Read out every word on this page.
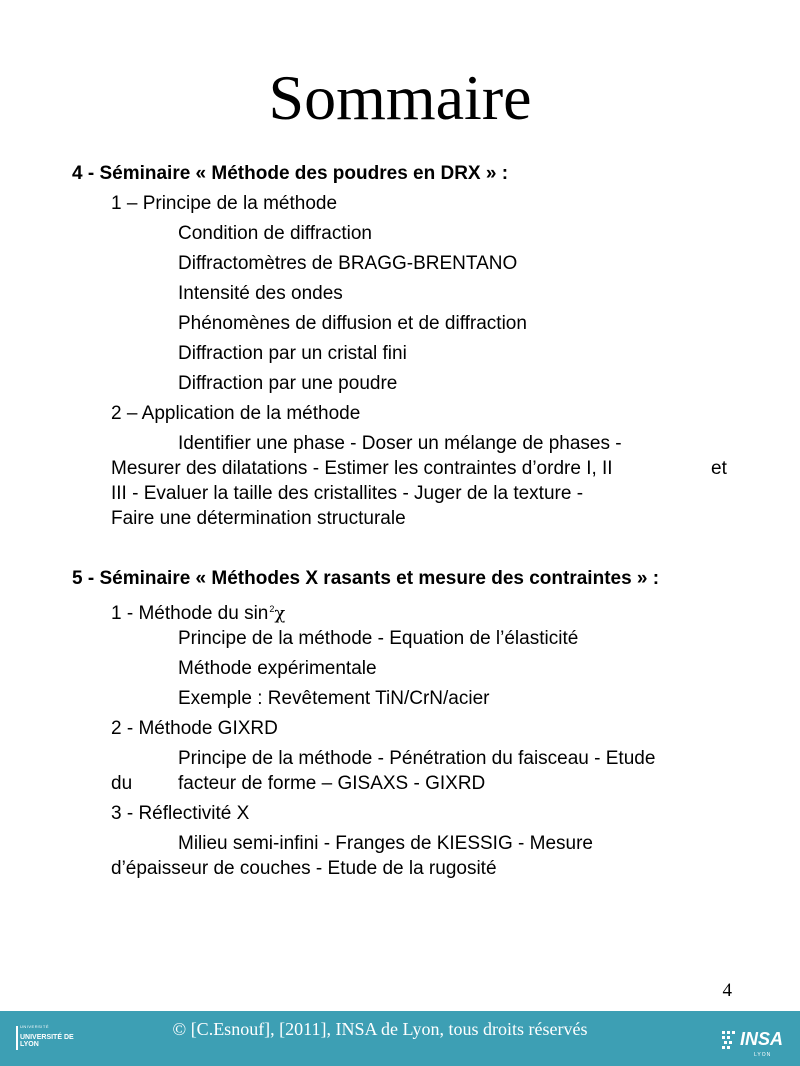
Sommaire
4 - Séminaire « Méthode des poudres en DRX » :
1 – Principe de la méthode
Condition de diffraction
Diffractomètres de BRAGG-BRENTANO
Intensité des ondes
Phénomènes de diffusion et de diffraction
Diffraction par un cristal fini
Diffraction par une poudre
2 – Application de la méthode
Identifier une phase - Doser un mélange de phases -
Mesurer des dilatations - Estimer les contraintes d’ordre I, II	et
III - Evaluer la taille des cristallites - Juger de la texture -
Faire une détermination structurale
5 - Séminaire « Méthodes X rasants et mesure des contraintes » :
1 - Méthode du $\sin^2\chi$
Principe de la méthode - Equation de l’élasticité
Méthode expérimentale
Exemple : Revêtement TiN/CrN/acier
2 - Méthode GIXRD
Principe de la méthode - Pénétration du faisceau - Etude
du facteur de forme – GISAXS - GIXRD
3 - Réflectivité X
Milieu semi-infini - Franges de KIESSIG - Mesure
d’épaisseur de couches - Etude de la rugosité
4
UNIVERSITÉ
UNIVERSITÉ DE LYON
© [C.Esnouf], [2011], INSA de Lyon, tous droits réservés	INSA
LYON
